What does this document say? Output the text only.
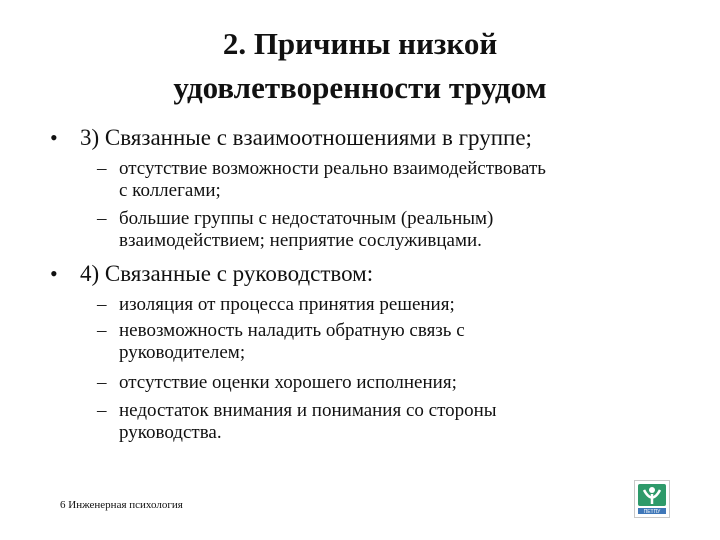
2. Причины низкой
удовлетворенности трудом
• 3) Связанные с взаимоотношениями в группе;
– отсутствие возможности реально взаимодействовать
с коллегами;
– большие группы с недостаточным (реальным)
взаимодействием; неприятие сослуживцами.
• 4) Связанные с руководством:
– изоляция от процесса принятия решения;
– невозможность наладить обратную связь с
руководителем;
– отсутствие оценки хорошего исполнения;
– недостаток внимания и понимания со стороны
руководства.
6 Инженерная психология
ПЕТПУ
